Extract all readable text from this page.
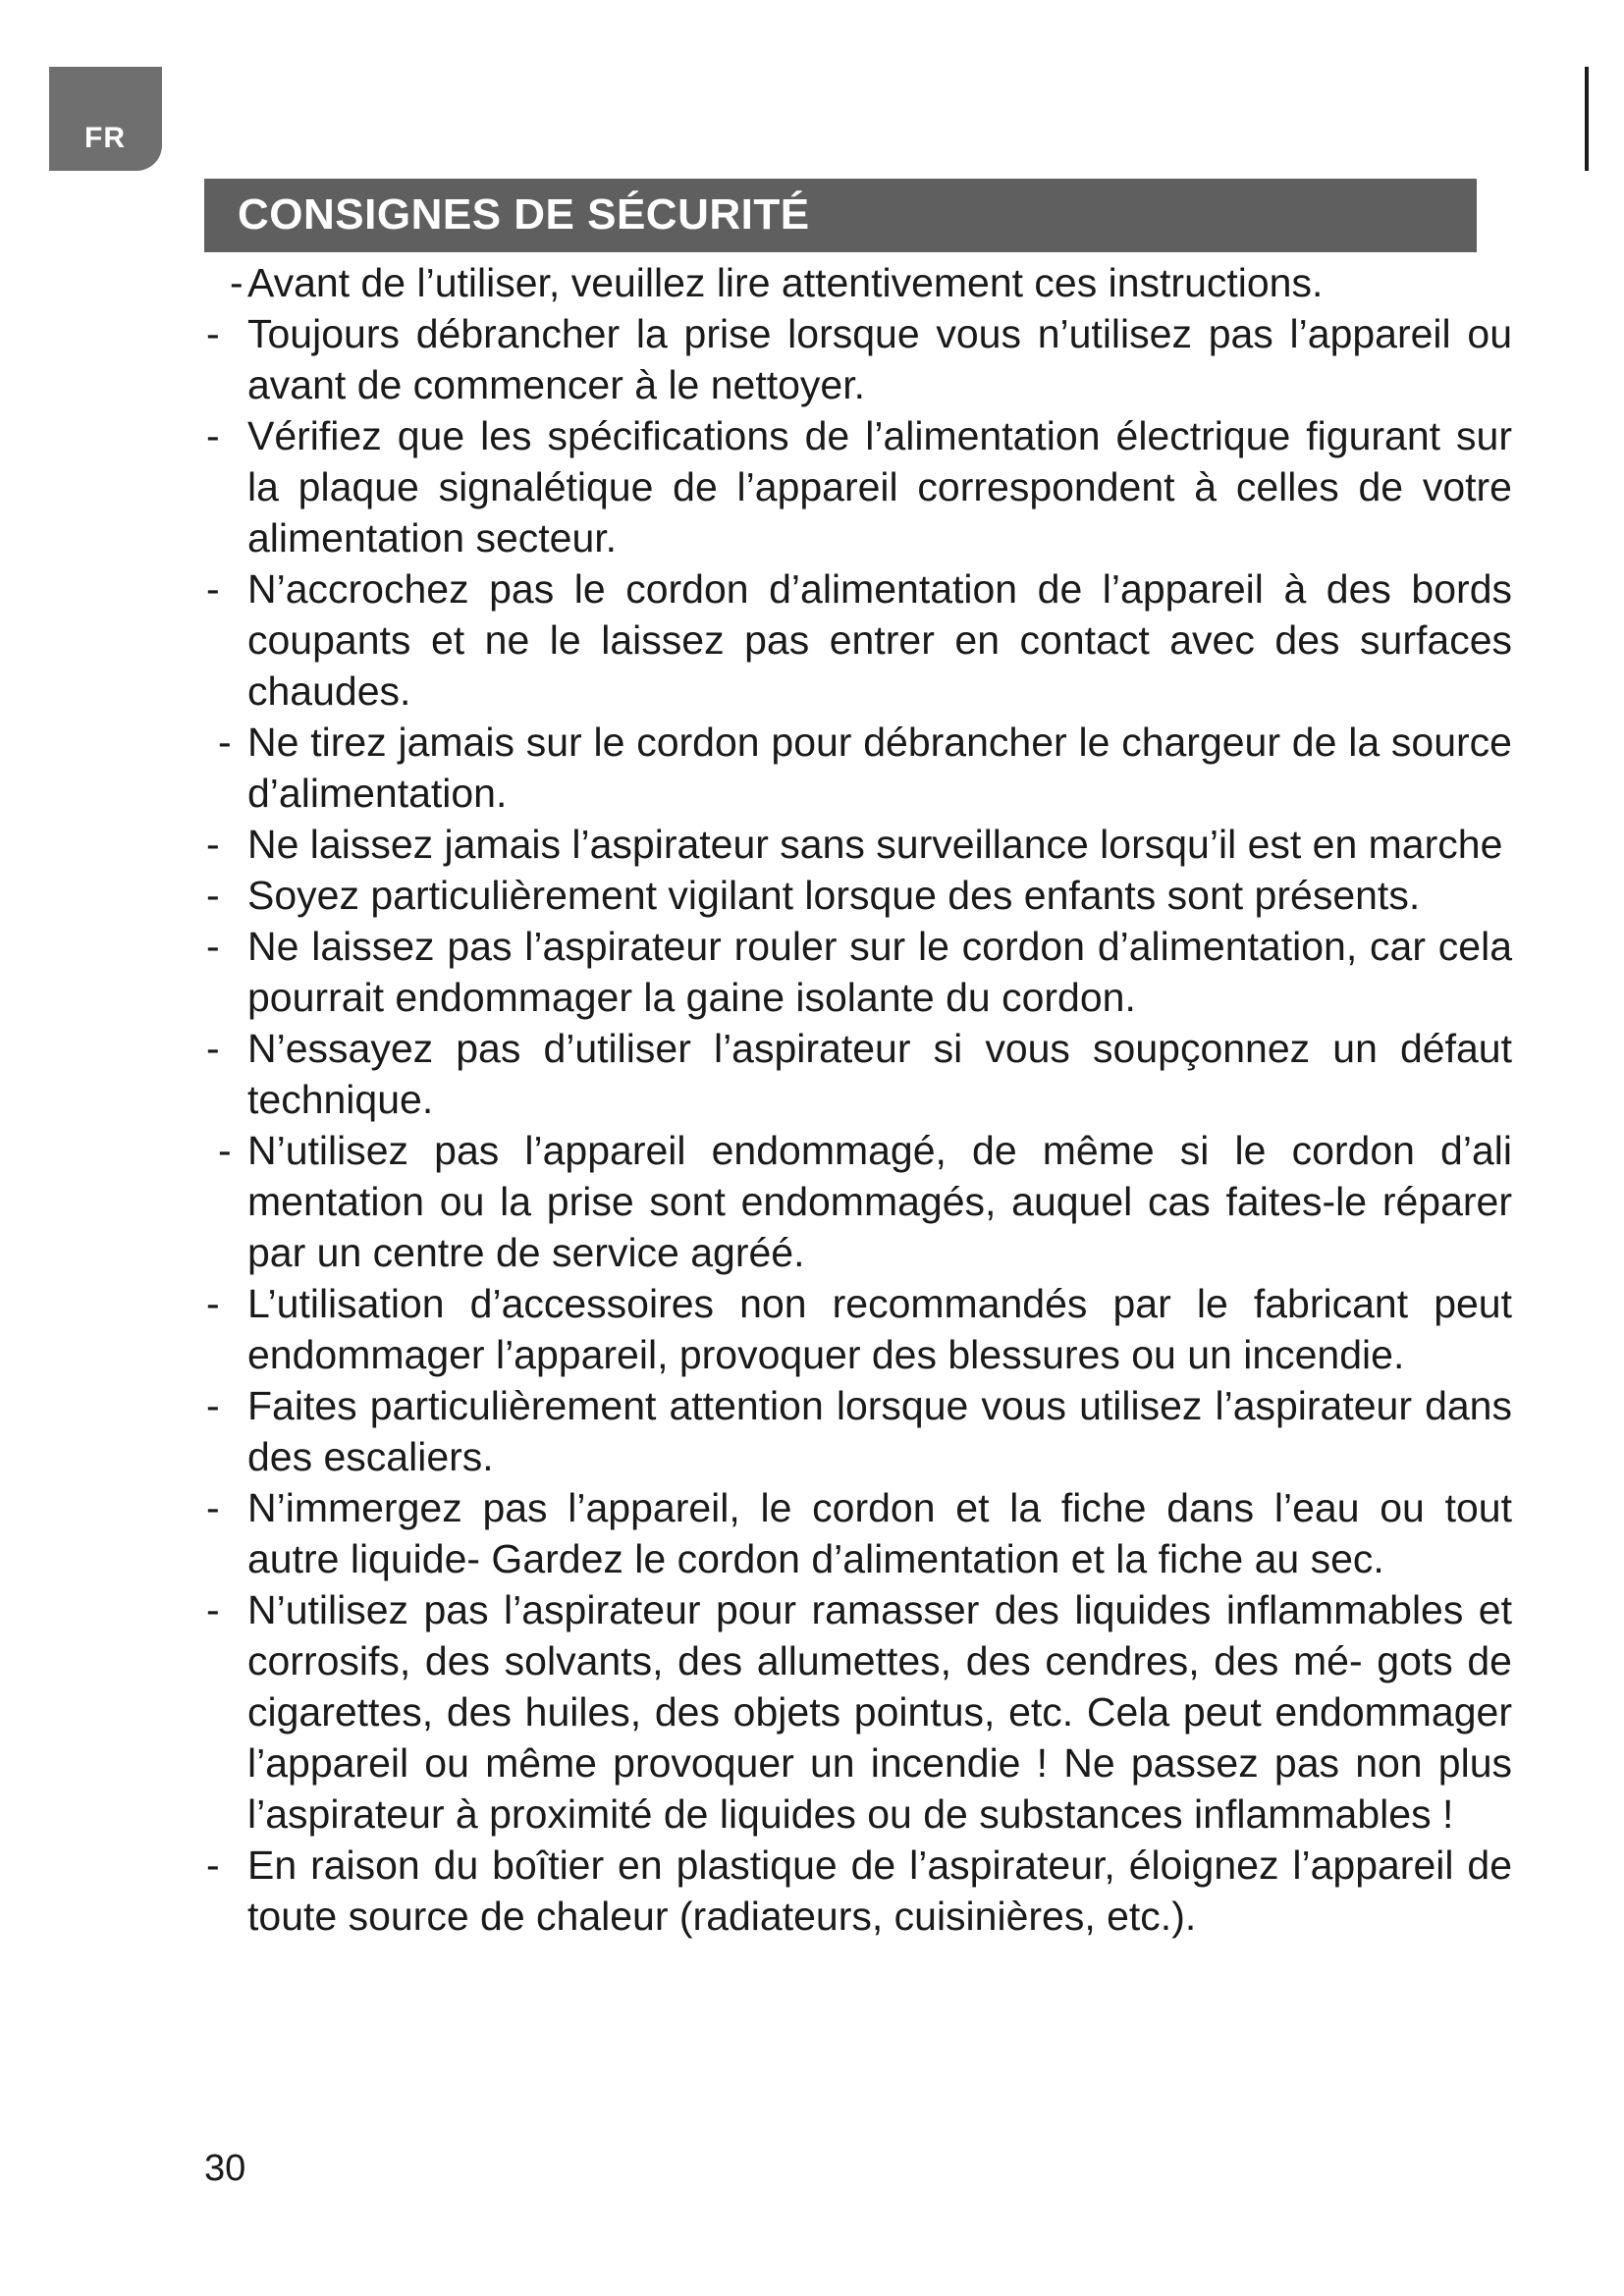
FR
CONSIGNES DE SÉCURITÉ
- Avant de l’utiliser, veuillez lire attentivement ces instructions.
- Toujours débrancher la prise lorsque vous n’utilisez pas l’appareil ou avant de commencer à le nettoyer.
- Vérifiez que les spécifications de l’alimentation électrique figurant sur la plaque signalétique de l’appareil correspondent à celles de votre alimentation secteur.
- N’accrochez pas le cordon d’alimentation de l’appareil à des bords coupants et ne le laissez pas entrer en contact avec des surfaces chaudes.
- Ne tirez jamais sur le cordon pour débrancher le chargeur de la source d’alimentation.
- Ne laissez jamais l’aspirateur sans surveillance lorsqu’il est en marche
- Soyez particulièrement vigilant lorsque des enfants sont présents.
- Ne laissez pas l’aspirateur rouler sur le cordon d’alimentation, car cela pourrait endommager la gaine isolante du cordon.
- N’essayez pas d’utiliser l’aspirateur si vous soupçonnez un défaut technique.
- N’utilisez pas l’appareil endommagé, de même si le cordon d’ali mentation ou la prise sont endommagés, auquel cas faites-le réparer par un centre de service agréé.
- L’utilisation d’accessoires non recommandés par le fabricant peut endommager l’appareil, provoquer des blessures ou un incendie.
- Faites particulièrement attention lorsque vous utilisez l’aspirateur dans des escaliers.
- N’immergez pas l’appareil, le cordon et la fiche dans l’eau ou tout autre liquide- Gardez le cordon d’alimentation et la fiche au sec.
- N’utilisez pas l’aspirateur pour ramasser des liquides inflammables et corrosifs, des solvants, des allumettes, des cendres, des mé- gots de cigarettes, des huiles, des objets pointus, etc. Cela peut endommager l’appareil ou même provoquer un incendie ! Ne passez pas non plus l’aspirateur à proximité de liquides ou de substances inflammables !
- En raison du boîtier en plastique de l’aspirateur, éloignez l’appareil de toute source de chaleur (radiateurs, cuisinières, etc.).
30
